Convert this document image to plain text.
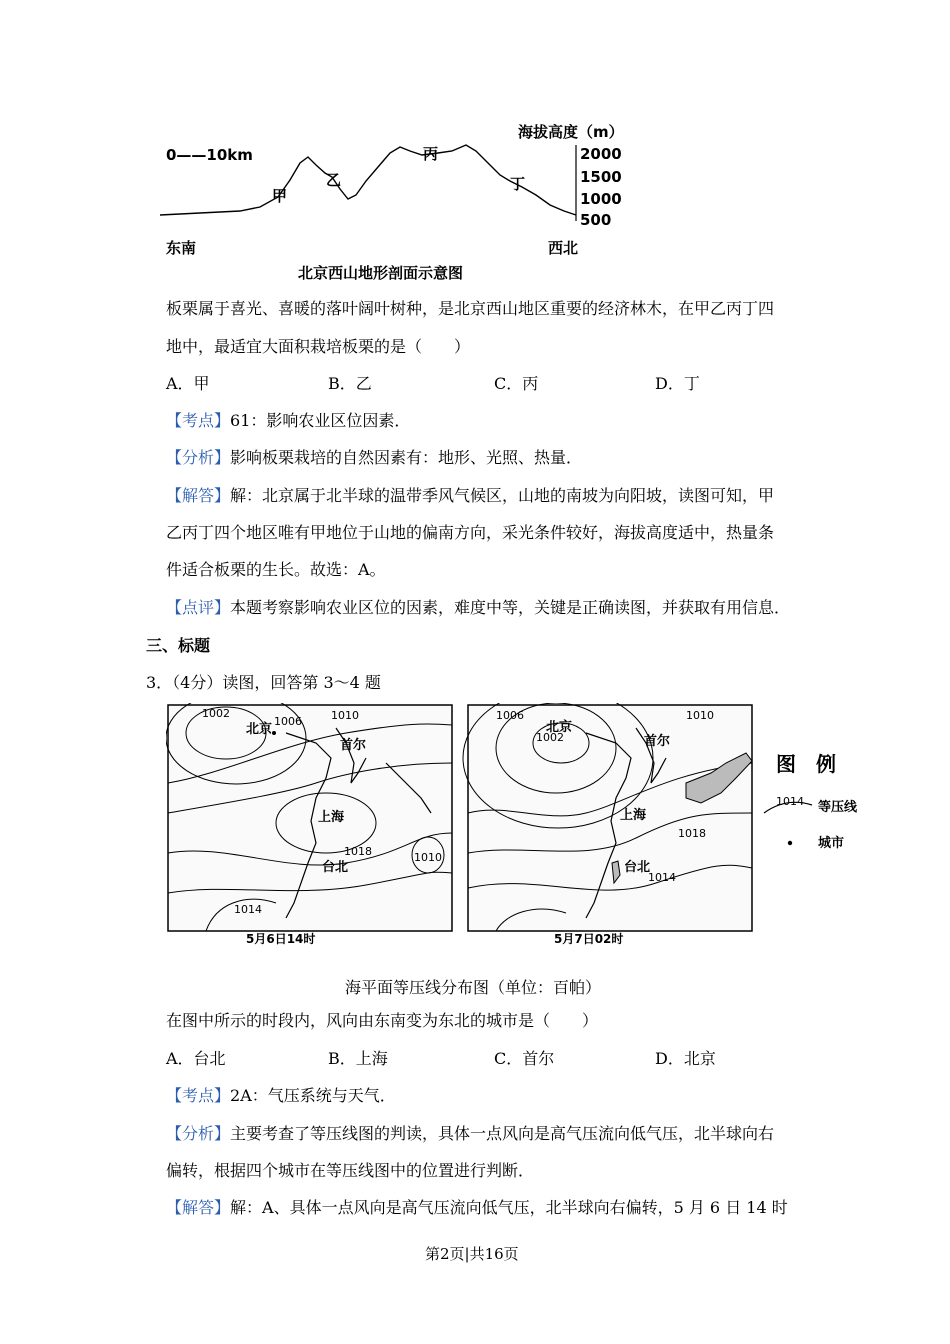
0——10km
海拔高度（m）
2000
1500
1000
500
甲
乙
丙
丁
东南	西北
北京西山地形剖面示意图
板栗属于喜光、喜暖的落叶阔叶树种，是北京西山地区重要的经济林木，在甲乙丙丁四
地中，最适宜大面积栽培板栗的是（　　）
A．甲	B．乙	C．丙	D．丁
【考点】61：影响农业区位因素．
【分析】影响板栗栽培的自然因素有：地形、光照、热量．
【解答】解：北京属于北半球的温带季风气候区，山地的南坡为向阳坡，读图可知，甲
乙丙丁四个地区唯有甲地位于山地的偏南方向，采光条件较好，海拔高度适中，热量条
件适合板栗的生长。故选：A。
【点评】本题考察影响农业区位的因素，难度中等，关键是正确读图，并获取有用信息．
三、标题
3．（4分）读图，回答第 3～4 题
1002
1006	1010
1018	1010
1014
北京
首尔
上海
台北
5月6日14时
1006
1002
1010
1018
1014
北京
首尔
上海
台北
5月7日02时
图　例
1014 等压线
城市
海平面等压线分布图（单位：百帕）
在图中所示的时段内，风向由东南变为东北的城市是（　　）
A．台北	B．上海	C．首尔	D．北京
【考点】2A：气压系统与天气．
【分析】主要考查了等压线图的判读，具体一点风向是高气压流向低气压，北半球向右
偏转，根据四个城市在等压线图中的位置进行判断．
【解答】解：A、具体一点风向是高气压流向低气压，北半球向右偏转，5 月 6 日 14 时
第2页|共16页
